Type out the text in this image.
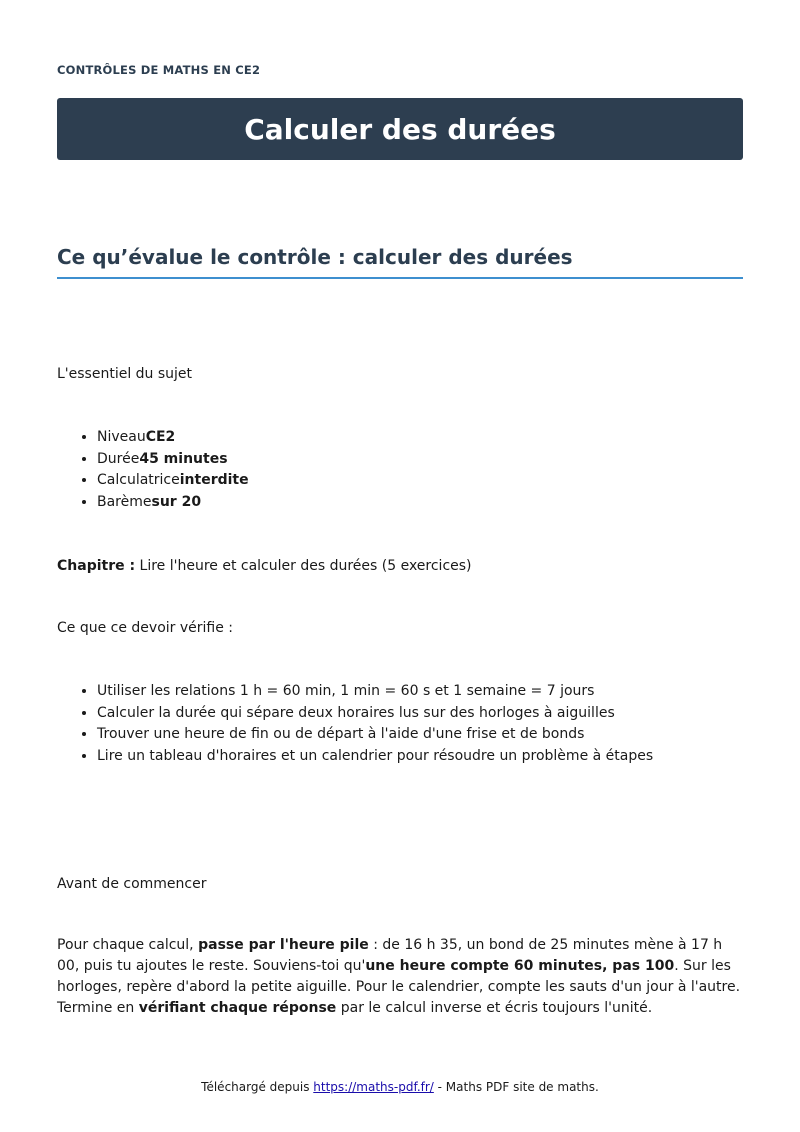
CONTRÔLES DE MATHS EN CE2
Calculer des durées
Ce qu’évalue le contrôle : calculer des durées

L'essentiel du sujet

• NiveauCE2
• Durée45 minutes
• Calculatriceinterdite
• Barèmesur 20

Chapitre : Lire l'heure et calculer des durées (5 exercices)

Ce que ce devoir vérifie :

• Utiliser les relations 1 h = 60 min, 1 min = 60 s et 1 semaine = 7 jours
• Calculer la durée qui sépare deux horaires lus sur des horloges à aiguilles
• Trouver une heure de fin ou de départ à l'aide d'une frise et de bonds
• Lire un tableau d'horaires et un calendrier pour résoudre un problème à étapes

Avant de commencer

Pour chaque calcul, passe par l'heure pile : de 16 h 35, un bond de 25 minutes mène à 17 h 00, puis tu ajoutes le reste. Souviens-toi qu'une heure compte 60 minutes, pas 100. Sur les horloges, repère d'abord la petite aiguille. Pour le calendrier, compte les sauts d'un jour à l'autre. Termine en vérifiant chaque réponse par le calcul inverse et écris toujours l'unité.

Téléchargé depuis https://maths-pdf.fr/ - Maths PDF site de maths.
